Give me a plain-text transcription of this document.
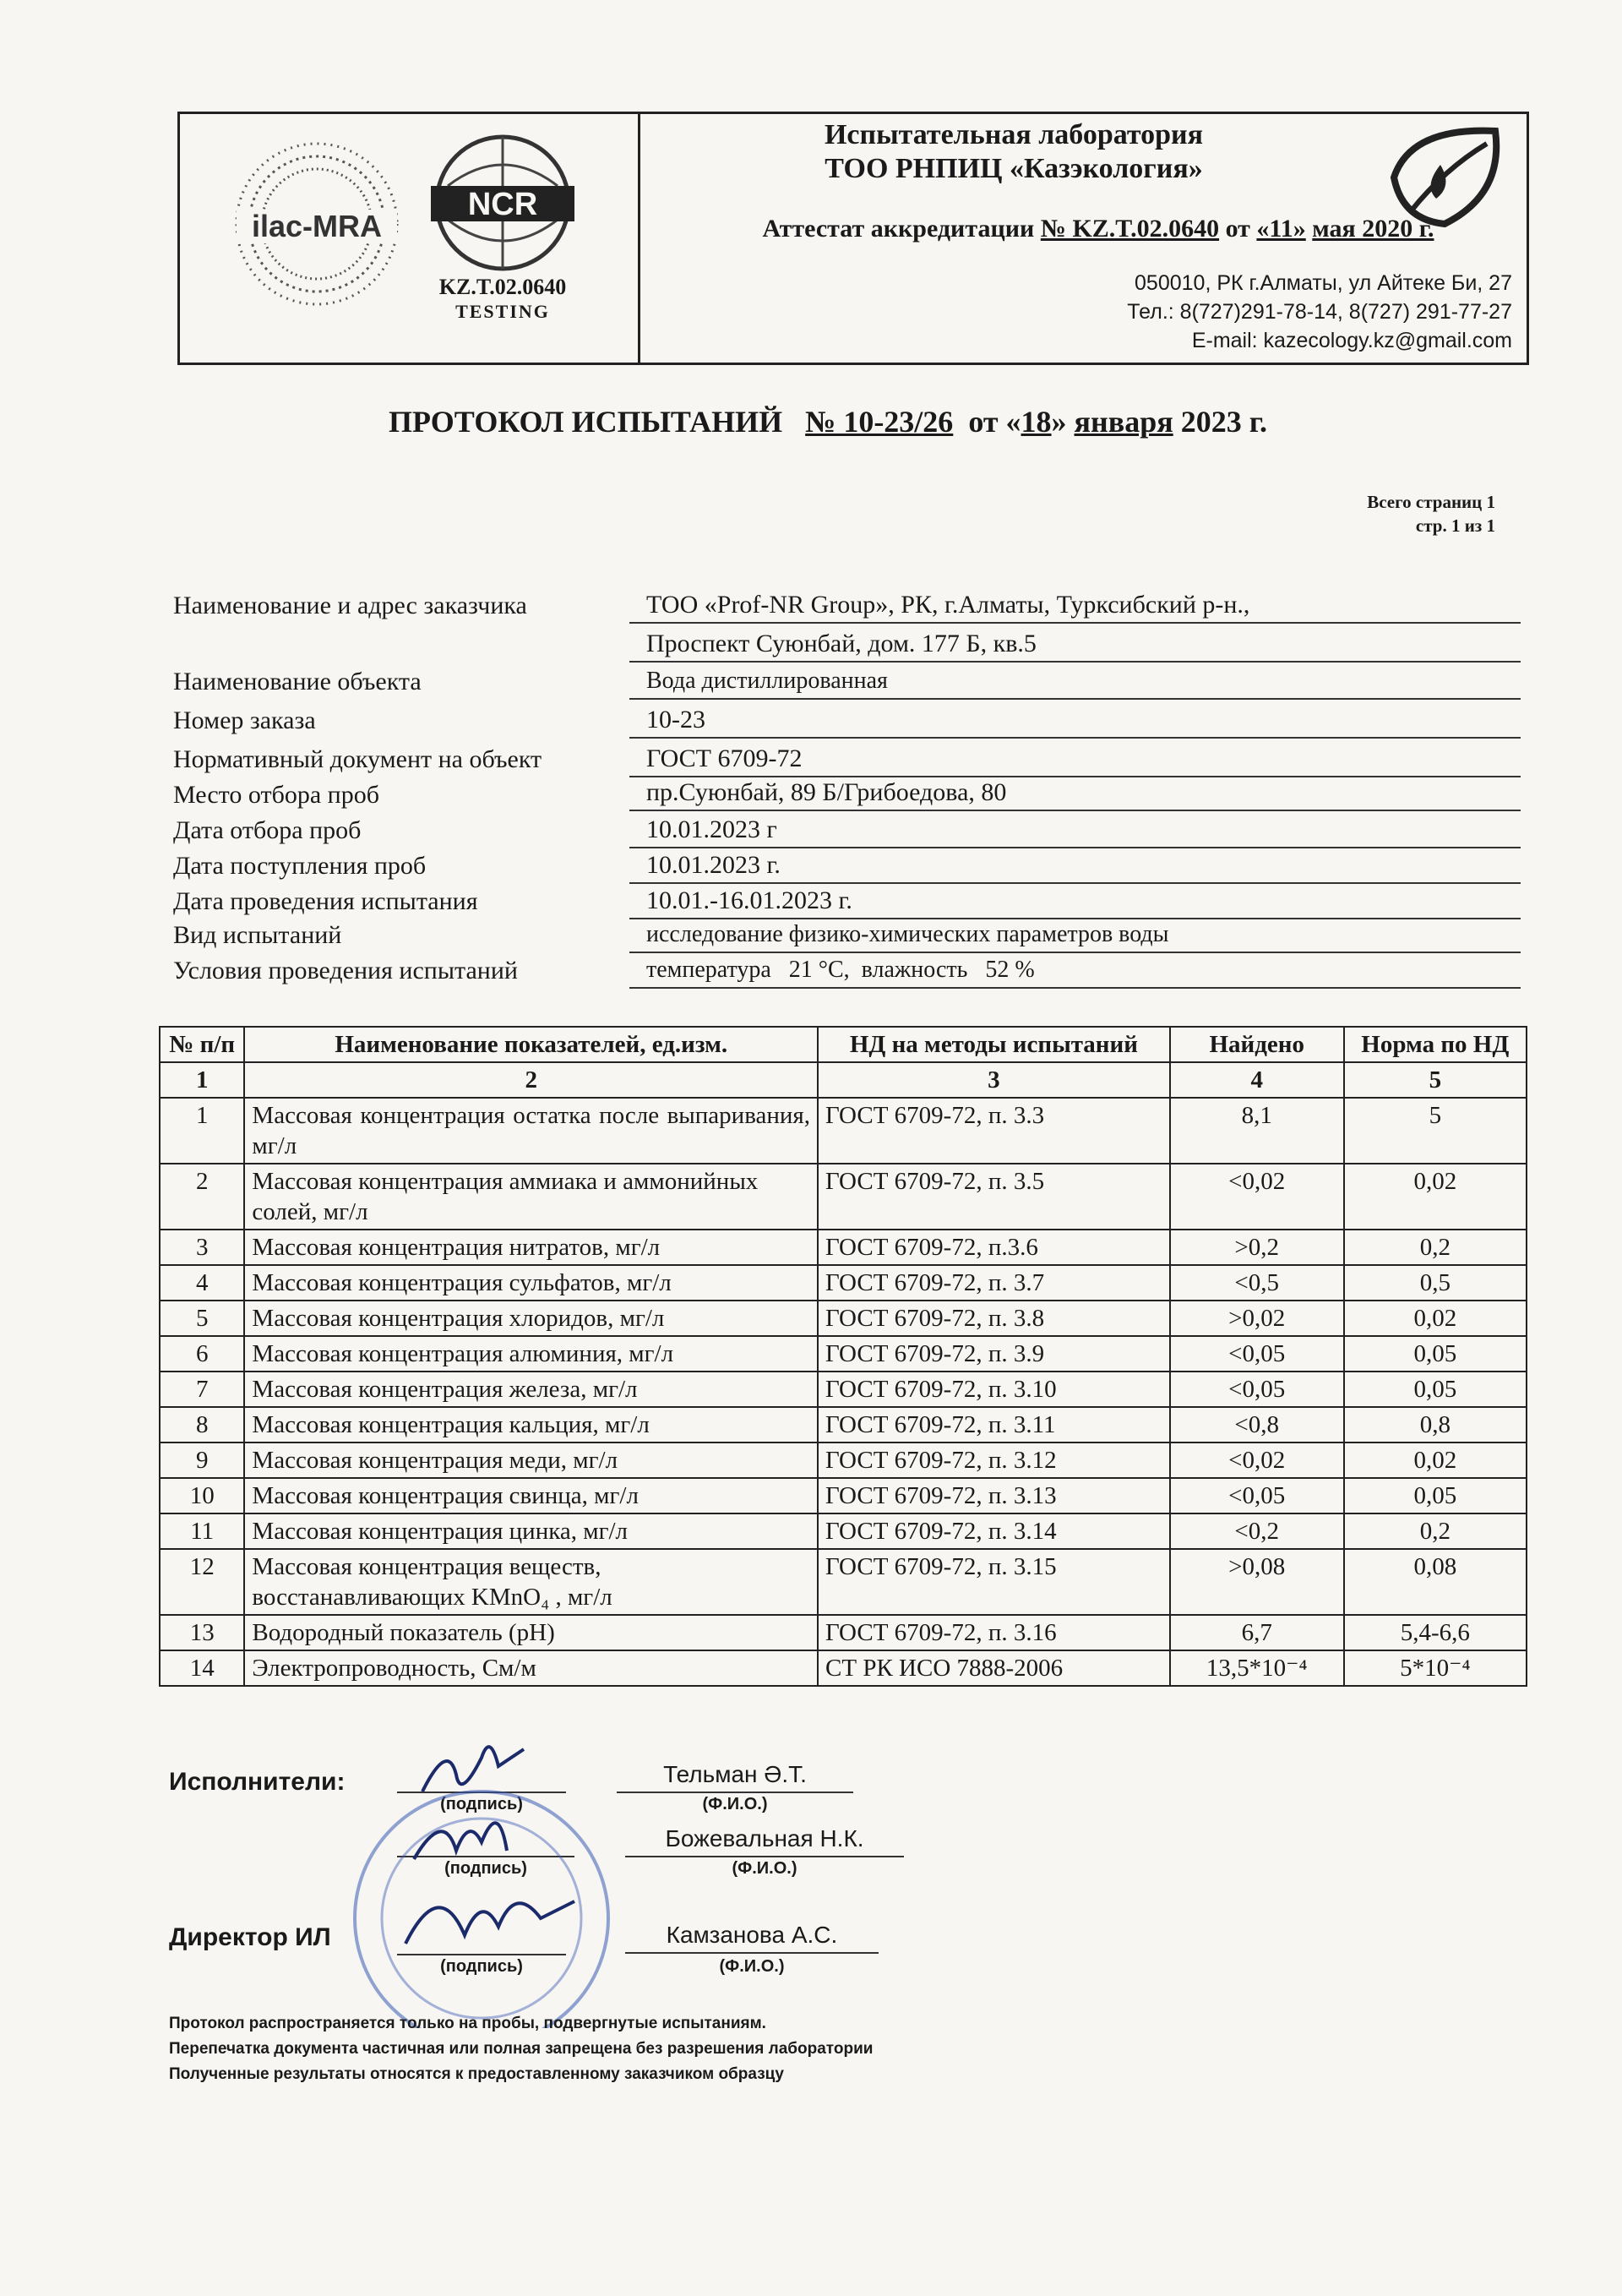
ilac-MRA
NCR
KZ.T.02.0640
TESTING
Испытательная лаборатория
ТОО РНПИЦ «Казэкология»
Аттестат аккредитации № KZ.T.02.0640 от «11» мая 2020 г.
050010, РК г.Алматы, ул Айтеке Би, 27
Тел.: 8(727)291-78-14, 8(727) 291-77-27
E-mail: kazecology.kz@gmail.com
ПРОТОКОЛ ИСПЫТАНИЙ № 10-23/26 от «18» января 2023 г.
Всего страниц 1
стр. 1 из 1
Наименование и адрес заказчика	ТОО «Prof-NR Group», РК, г.Алматы, Турксибский р-н.,
Проспект Суюнбай, дом. 177 Б, кв.5
Наименование объекта	Вода дистиллированная
Номер заказа	10-23
Нормативный документ на объект	ГОСТ 6709-72
Место отбора проб	пр.Суюнбай, 89 Б/Грибоедова, 80
Дата отбора проб	10.01.2023 г
Дата поступления проб	10.01.2023 г.
Дата проведения испытания	10.01.-16.01.2023 г.
Вид испытаний	исследование физико-химических параметров воды
Условия проведения испытаний	температура   21 °С,  влажность   52 %
№ п/п	Наименование показателей, ед.изм.	НД на методы испытаний	Найдено	Норма по НД
1	2	3	4	5
1	Массовая концентрация остатка после выпаривания, мг/л	ГОСТ 6709-72, п. 3.3	8,1	5
2	Массовая концентрация аммиака и аммонийных солей, мг/л	ГОСТ 6709-72, п. 3.5	<0,02	0,02
3	Массовая концентрация нитратов, мг/л	ГОСТ 6709-72, п.3.6	>0,2	0,2
4	Массовая концентрация сульфатов, мг/л	ГОСТ 6709-72, п. 3.7	<0,5	0,5
5	Массовая концентрация хлоридов, мг/л	ГОСТ 6709-72, п. 3.8	>0,02	0,02
6	Массовая концентрация алюминия, мг/л	ГОСТ 6709-72, п. 3.9	<0,05	0,05
7	Массовая концентрация железа, мг/л	ГОСТ 6709-72, п. 3.10	<0,05	0,05
8	Массовая концентрация кальция, мг/л	ГОСТ 6709-72, п. 3.11	<0,8	0,8
9	Массовая концентрация меди, мг/л	ГОСТ 6709-72, п. 3.12	<0,02	0,02
10	Массовая концентрация свинца, мг/л	ГОСТ 6709-72, п. 3.13	<0,05	0,05
11	Массовая концентрация цинка, мг/л	ГОСТ 6709-72, п. 3.14	<0,2	0,2
12	Массовая концентрация веществ, восстанавливающих KMnO₄ , мг/л	ГОСТ 6709-72, п. 3.15	>0,08	0,08
13	Водородный показатель (pH)	ГОСТ 6709-72, п. 3.16	6,7	5,4-6,6
14	Электропроводность, См/м	СТ РК ИСО 7888-2006	13,5*10⁻⁴	5*10⁻⁴
Исполнители:
(подпись)
Тельман Ә.Т.
(Ф.И.О.)
(подпись)
Божевальная Н.К.
(Ф.И.О.)
Директор ИЛ
(подпись)
Камзанова А.С.
(Ф.И.О.)
Протокол распространяется только на пробы, подвергнутые испытаниям.
Перепечатка документа частичная или полная запрещена без разрешения лаборатории
Полученные результаты относятся к предоставленному заказчиком образцу
